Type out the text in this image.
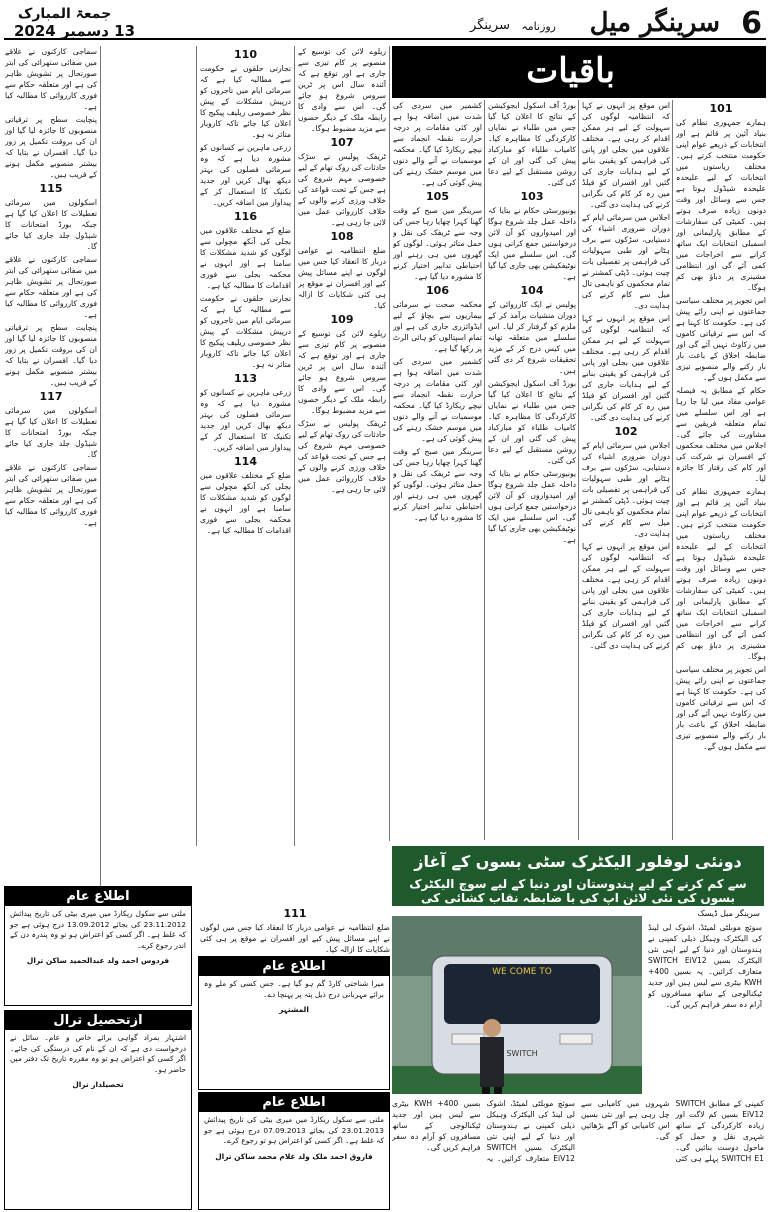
6
سرینگر میل
روزنامہ
سرینگر
جمعۃ المبارک
13 دسمبر 2024
باقیات
101

ہمارے جمہوری نظام کی بنیاد آئین پر قائم ہے اور انتخابات کے ذریعے عوام اپنی حکومت منتخب کرتے ہیں۔ مختلف ریاستوں میں انتخابات کے لیے علیحدہ علیحدہ شیڈول ہوتا ہے جس سے وسائل اور وقت دونوں زیادہ صرف ہوتے ہیں۔ کمیٹی کی سفارشات کے مطابق پارلیمانی اور اسمبلی انتخابات ایک ساتھ کرانے سے اخراجات میں کمی آئے گی اور انتظامی مشینری پر دباؤ بھی کم ہوگا۔

اس تجویز پر مختلف سیاسی جماعتوں نے اپنی رائے پیش کی ہے۔ حکومت کا کہنا ہے کہ اس سے ترقیاتی کاموں میں رکاوٹ نہیں آئے گی اور ضابطہ اخلاق کے باعث بار بار رکنے والے منصوبے تیزی سے مکمل ہوں گے۔

حکام کے مطابق یہ فیصلہ عوامی مفاد میں لیا جا رہا ہے اور اس سلسلے میں تمام متعلقہ فریقین سے مشاورت کی جائے گی۔ اجلاس میں مختلف محکموں کے افسران نے شرکت کی اور کام کی رفتار کا جائزہ لیا۔

ہمارے جمہوری نظام کی بنیاد آئین پر قائم ہے اور انتخابات کے ذریعے عوام اپنی حکومت منتخب کرتے ہیں۔ مختلف ریاستوں میں انتخابات کے لیے علیحدہ علیحدہ شیڈول ہوتا ہے جس سے وسائل اور وقت دونوں زیادہ صرف ہوتے ہیں۔ کمیٹی کی سفارشات کے مطابق پارلیمانی اور اسمبلی انتخابات ایک ساتھ کرانے سے اخراجات میں کمی آئے گی اور انتظامی مشینری پر دباؤ بھی کم ہوگا۔

اس تجویز پر مختلف سیاسی جماعتوں نے اپنی رائے پیش کی ہے۔ حکومت کا کہنا ہے کہ اس سے ترقیاتی کاموں میں رکاوٹ نہیں آئے گی اور ضابطہ اخلاق کے باعث بار بار رکنے والے منصوبے تیزی سے مکمل ہوں گے۔

اس موقع پر انہوں نے کہا کہ انتظامیہ لوگوں کی سہولت کے لیے ہر ممکن اقدام کر رہی ہے۔ مختلف علاقوں میں بجلی اور پانی کی فراہمی کو یقینی بنانے کے لیے ہدایات جاری کی گئیں اور افسران کو فیلڈ میں رہ کر کام کی نگرانی کرنے کی ہدایت دی گئی۔

اجلاس میں سرمائی ایام کے دوران ضروری اشیاء کی دستیابی، سڑکوں سے برف ہٹانے اور طبی سہولیات کی فراہمی پر تفصیلی بات چیت ہوئی۔ ڈپٹی کمشنر نے تمام محکموں کو باہمی تال میل سے کام کرنے کی ہدایت دی۔

اس موقع پر انہوں نے کہا کہ انتظامیہ لوگوں کی سہولت کے لیے ہر ممکن اقدام کر رہی ہے۔ مختلف علاقوں میں بجلی اور پانی کی فراہمی کو یقینی بنانے کے لیے ہدایات جاری کی گئیں اور افسران کو فیلڈ میں رہ کر کام کی نگرانی کرنے کی ہدایت دی گئی۔

102

اجلاس میں سرمائی ایام کے دوران ضروری اشیاء کی دستیابی، سڑکوں سے برف ہٹانے اور طبی سہولیات کی فراہمی پر تفصیلی بات چیت ہوئی۔ ڈپٹی کمشنر نے تمام محکموں کو باہمی تال میل سے کام کرنے کی ہدایت دی۔

اس موقع پر انہوں نے کہا کہ انتظامیہ لوگوں کی سہولت کے لیے ہر ممکن اقدام کر رہی ہے۔ مختلف علاقوں میں بجلی اور پانی کی فراہمی کو یقینی بنانے کے لیے ہدایات جاری کی گئیں اور افسران کو فیلڈ میں رہ کر کام کی نگرانی کرنے کی ہدایت دی گئی۔

بورڈ آف اسکول ایجوکیشن کے نتائج کا اعلان کیا گیا جس میں طلباء نے نمایاں کارکردگی کا مظاہرہ کیا۔ کامیاب طلباء کو مبارکباد پیش کی گئی اور ان کے روشن مستقبل کے لیے دعا کی گئی۔

103

یونیورسٹی حکام نے بتایا کہ داخلہ عمل جلد شروع ہوگا اور امیدواروں کو آن لائن درخواستیں جمع کرانی ہوں گی۔ اس سلسلے میں ایک نوٹیفکیشن بھی جاری کیا گیا ہے۔

104

پولیس نے ایک کارروائی کے دوران منشیات برآمد کر کے ملزم کو گرفتار کر لیا۔ اس سلسلے میں متعلقہ تھانہ میں کیس درج کر کے مزید تحقیقات شروع کر دی گئی ہیں۔

بورڈ آف اسکول ایجوکیشن کے نتائج کا اعلان کیا گیا جس میں طلباء نے نمایاں کارکردگی کا مظاہرہ کیا۔ کامیاب طلباء کو مبارکباد پیش کی گئی اور ان کے روشن مستقبل کے لیے دعا کی گئی۔

یونیورسٹی حکام نے بتایا کہ داخلہ عمل جلد شروع ہوگا اور امیدواروں کو آن لائن درخواستیں جمع کرانی ہوں گی۔ اس سلسلے میں ایک نوٹیفکیشن بھی جاری کیا گیا ہے۔

کشمیر میں سردی کی شدت میں اضافہ ہوا ہے اور کئی مقامات پر درجہ حرارت نقطہ انجماد سے نیچے ریکارڈ کیا گیا۔ محکمہ موسمیات نے آنے والے دنوں میں موسم خشک رہنے کی پیش گوئی کی ہے۔

105

سرینگر میں صبح کے وقت گھنا کہرا چھایا رہا جس کی وجہ سے ٹریفک کی نقل و حمل متاثر ہوئی۔ لوگوں کو گھروں میں ہی رہنے اور احتیاطی تدابیر اختیار کرنے کا مشورہ دیا گیا ہے۔

106

محکمہ صحت نے سرمائی بیماریوں سے بچاؤ کے لیے ایڈوائزری جاری کی ہے اور تمام اسپتالوں کو ہائی الرٹ پر رکھا گیا ہے۔

کشمیر میں سردی کی شدت میں اضافہ ہوا ہے اور کئی مقامات پر درجہ حرارت نقطہ انجماد سے نیچے ریکارڈ کیا گیا۔ محکمہ موسمیات نے آنے والے دنوں میں موسم خشک رہنے کی پیش گوئی کی ہے۔

سرینگر میں صبح کے وقت گھنا کہرا چھایا رہا جس کی وجہ سے ٹریفک کی نقل و حمل متاثر ہوئی۔ لوگوں کو گھروں میں ہی رہنے اور احتیاطی تدابیر اختیار کرنے کا مشورہ دیا گیا ہے۔

ریلوے لائن کی توسیع کے منصوبے پر کام تیزی سے جاری ہے اور توقع ہے کہ آئندہ سال اس پر ٹرین سروس شروع ہو جائے گی۔ اس سے وادی کا رابطہ ملک کے دیگر حصوں سے مزید مضبوط ہوگا۔

107

ٹریفک پولیس نے سڑک حادثات کی روک تھام کے لیے خصوصی مہم شروع کی ہے جس کے تحت قواعد کی خلاف ورزی کرنے والوں کے خلاف کارروائی عمل میں لائی جا رہی ہے۔

108

ضلع انتظامیہ نے عوامی دربار کا انعقاد کیا جس میں لوگوں نے اپنے مسائل پیش کیے اور افسران نے موقع پر ہی کئی شکایات کا ازالہ کیا۔

109

ریلوے لائن کی توسیع کے منصوبے پر کام تیزی سے جاری ہے اور توقع ہے کہ آئندہ سال اس پر ٹرین سروس شروع ہو جائے گی۔ اس سے وادی کا رابطہ ملک کے دیگر حصوں سے مزید مضبوط ہوگا۔

ٹریفک پولیس نے سڑک حادثات کی روک تھام کے لیے خصوصی مہم شروع کی ہے جس کے تحت قواعد کی خلاف ورزی کرنے والوں کے خلاف کارروائی عمل میں لائی جا رہی ہے۔

110

تجارتی حلقوں نے حکومت سے مطالبہ کیا ہے کہ سرمائی ایام میں تاجروں کو درپیش مشکلات کے پیش نظر خصوصی ریلیف پیکیج کا اعلان کیا جائے تاکہ کاروبار متاثر نہ ہو۔

زرعی ماہرین نے کسانوں کو مشورہ دیا ہے کہ وہ سرمائی فصلوں کی بہتر دیکھ بھال کریں اور جدید تکنیک کا استعمال کر کے پیداوار میں اضافہ کریں۔

116

ضلع کے مختلف علاقوں میں بجلی کی آنکھ مچولی سے لوگوں کو شدید مشکلات کا سامنا ہے اور انہوں نے محکمہ بجلی سے فوری اقدامات کا مطالبہ کیا ہے۔

تجارتی حلقوں نے حکومت سے مطالبہ کیا ہے کہ سرمائی ایام میں تاجروں کو درپیش مشکلات کے پیش نظر خصوصی ریلیف پیکیج کا اعلان کیا جائے تاکہ کاروبار متاثر نہ ہو۔

113

زرعی ماہرین نے کسانوں کو مشورہ دیا ہے کہ وہ سرمائی فصلوں کی بہتر دیکھ بھال کریں اور جدید تکنیک کا استعمال کر کے پیداوار میں اضافہ کریں۔

114

ضلع کے مختلف علاقوں میں بجلی کی آنکھ مچولی سے لوگوں کو شدید مشکلات کا سامنا ہے اور انہوں نے محکمہ بجلی سے فوری اقدامات کا مطالبہ کیا ہے۔

سماجی کارکنوں نے علاقے میں صفائی ستھرائی کی ابتر صورتحال پر تشویش ظاہر کی ہے اور متعلقہ حکام سے فوری کارروائی کا مطالبہ کیا ہے۔

پنچایت سطح پر ترقیاتی منصوبوں کا جائزہ لیا گیا اور ان کی بروقت تکمیل پر زور دیا گیا۔ افسران نے بتایا کہ بیشتر منصوبے مکمل ہونے کے قریب ہیں۔

115

اسکولوں میں سرمائی تعطیلات کا اعلان کیا گیا ہے جبکہ بورڈ امتحانات کا شیڈول جلد جاری کیا جائے گا۔

سماجی کارکنوں نے علاقے میں صفائی ستھرائی کی ابتر صورتحال پر تشویش ظاہر کی ہے اور متعلقہ حکام سے فوری کارروائی کا مطالبہ کیا ہے۔

پنچایت سطح پر ترقیاتی منصوبوں کا جائزہ لیا گیا اور ان کی بروقت تکمیل پر زور دیا گیا۔ افسران نے بتایا کہ بیشتر منصوبے مکمل ہونے کے قریب ہیں۔

117

اسکولوں میں سرمائی تعطیلات کا اعلان کیا گیا ہے جبکہ بورڈ امتحانات کا شیڈول جلد جاری کیا جائے گا۔

سماجی کارکنوں نے علاقے میں صفائی ستھرائی کی ابتر صورتحال پر تشویش ظاہر کی ہے اور متعلقہ حکام سے فوری کارروائی کا مطالبہ کیا ہے۔

111

ضلع انتظامیہ نے عوامی دربار کا انعقاد کیا جس میں لوگوں نے اپنے مسائل پیش کیے اور افسران نے موقع پر ہی کئی شکایات کا ازالہ کیا۔

دونئی لوفلور الیکٹرک سٹی بسوں کے آغاز
سے کم کرنے کے لیے ہندوستان اور دنیا کے لیے سوچ الیکٹرک بسوں کی نئی لائن اپ کی با ضابطہ نقاب کشائی کی
سرینگر میل ڈیسک
WE COME TO
SWITCH

سوئچ موبلٹی لمیٹڈ، اشوک لی لینڈ کی الیکٹرک وہیکل ذیلی کمپنی نے ہندوستان اور دنیا کے لیے اپنی نئی الیکٹرک بسیں SWITCH EiV12 متعارف کرائیں۔ یہ بسیں 400+ KWH بیٹری سے لیس ہیں اور جدید ٹیکنالوجی کے ساتھ مسافروں کو آرام دہ سفر فراہم کریں گی۔

کمپنی کے مطابق SWITCH EiV12 بسیں کم لاگت اور زیادہ کارکردگی کے ساتھ شہری نقل و حمل کو ماحول دوست بنائیں گی۔ SWITCH E1 پہلے ہی کئی شہروں میں کامیابی سے چل رہی ہے اور نئی بسیں اس کامیابی کو آگے بڑھائیں گی۔

سوئچ موبلٹی لمیٹڈ، اشوک لی لینڈ کی الیکٹرک وہیکل ذیلی کمپنی نے ہندوستان اور دنیا کے لیے اپنی نئی الیکٹرک بسیں SWITCH EiV12 متعارف کرائیں۔ یہ بسیں 400+ KWH بیٹری سے لیس ہیں اور جدید ٹیکنالوجی کے ساتھ مسافروں کو آرام دہ سفر فراہم کریں گی۔

اطلاع عام
ملتی سے سکول ریکارڈ میں میری بیٹی کی تاریخ پیدائش 23.11.2012 کی بجائے 13.09.2012 درج ہوئی ہے جو کہ غلط ہے۔ اگر کسی کو اعتراض ہو تو وہ پندرہ دن کے اندر رجوع کرے۔
فردوس احمد ولد عبدالحمید ساکن ترال
ازتحصیل ترال
اشتہار بمراد گواہی برائے خاص و عام۔ سائل نے درخواست دی ہے کہ ان کے نام کی درستگی کی جائے۔ اگر کسی کو اعتراض ہو تو وہ مقررہ تاریخ تک دفتر میں حاضر ہو۔
تحصیلدار ترال
اطلاع عام
میرا شناختی کارڈ گم ہو گیا ہے۔ جس کسی کو ملے وہ برائے مہربانی درج ذیل پتہ پر پہنچا دے۔
المشتہر
اطلاع عام
ملتی سے سکول ریکارڈ میں میری بیٹی کی تاریخ پیدائش 23.01.2013 کی بجائے 07.09.2013 درج ہوئی ہے جو کہ غلط ہے۔ اگر کسی کو اعتراض ہو تو رجوع کرے۔
فاروق احمد ملک ولد غلام محمد ساکن ترال
